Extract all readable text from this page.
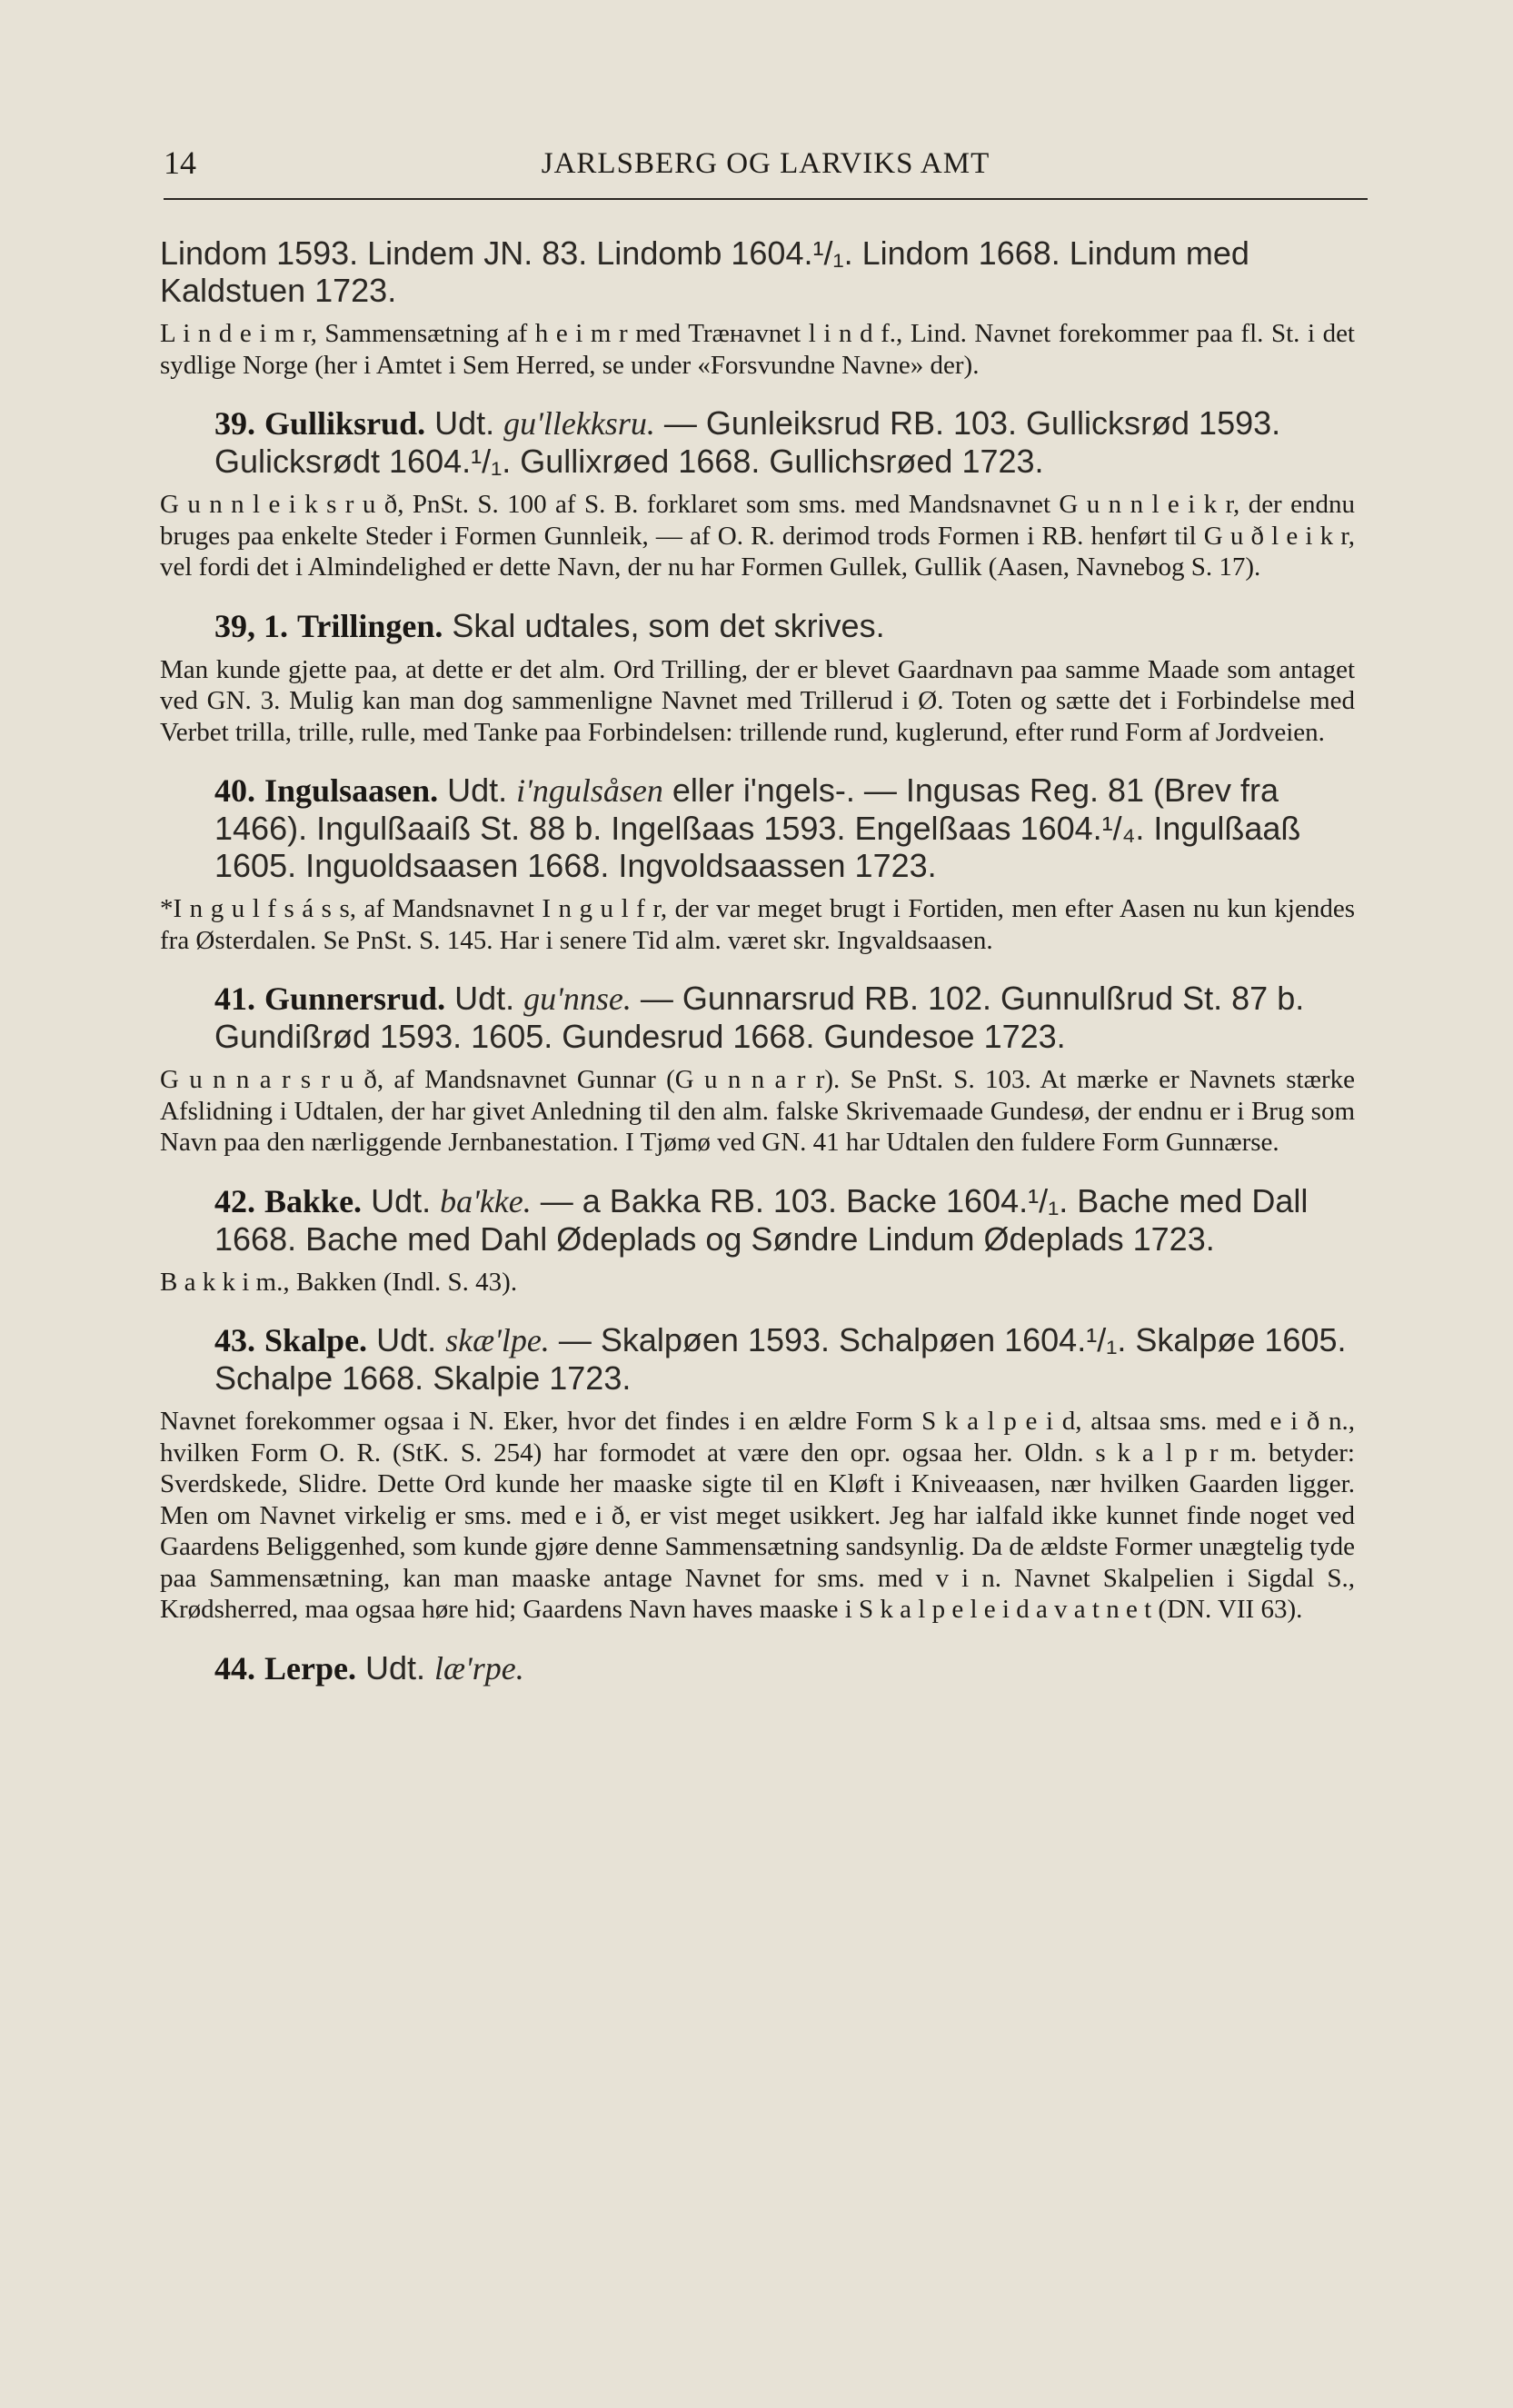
14	JARLSBERG OG LARVIKS AMT

Lindom 1593. Lindem JN. 83. Lindomb 1604.¹/₁. Lindom 1668. Lindum med Kaldstuen 1723.

L i n d e i m r, Sammensætning af h e i m r med Træнavnet l i n d f., Lind. Navnet forekommer paa fl. St. i det sydlige Norge (her i Amtet i Sem Herred, se under «Forsvundne Navne» der).

39. Gulliksrud. Udt. gu'llekksru. — Gunleiksrud RB. 103. Gullicksrød 1593. Gulicksrødt 1604.¹/₁. Gullixrøed 1668. Gullichsrøed 1723.

G u n n l e i k s r u ð, PnSt. S. 100 af S. B. forklaret som sms. med Mandsnavnet G u n n l e i k r, der endnu bruges paa enkelte Steder i Formen Gunnleik, — af O. R. derimod trods Formen i RB. henført til G u ð l e i k r, vel fordi det i Almindelighed er dette Navn, der nu har Formen Gullek, Gullik (Aasen, Navnebog S. 17).

39, 1. Trillingen. Skal udtales, som det skrives.

Man kunde gjette paa, at dette er det alm. Ord Trilling, der er blevet Gaardnavn paa samme Maade som antaget ved GN. 3. Mulig kan man dog sammenligne Navnet med Trillerud i Ø. Toten og sætte det i Forbindelse med Verbet trilla, trille, rulle, med Tanke paa Forbindelsen: trillende rund, kuglerund, efter rund Form af Jordveien.

40. Ingulsaasen. Udt. i'ngulsåsen eller i'ngels-. — Ingusas Reg. 81 (Brev fra 1466). Ingulßaaiß St. 88 b. Ingelßaas 1593. Engelßaas 1604.¹/₄. Ingulßaaß 1605. Inguoldsaasen 1668. Ingvoldsaassen 1723.

*I n g u l f s á s s, af Mandsnavnet I n g u l f r, der var meget brugt i Fortiden, men efter Aasen nu kun kjendes fra Østerdalen. Se PnSt. S. 145. Har i senere Tid alm. været skr. Ingvaldsaasen.

41. Gunnersrud. Udt. gu'nnse. — Gunnarsrud RB. 102. Gunnulßrud St. 87 b. Gundißrød 1593. 1605. Gundesrud 1668. Gundesoe 1723.

G u n n a r s r u ð, af Mandsnavnet Gunnar (G u n n a r r). Se PnSt. S. 103. At mærke er Navnets stærke Afslidning i Udtalen, der har givet Anledning til den alm. falske Skrivemaade Gundesø, der endnu er i Brug som Navn paa den nærliggende Jernbanestation. I Tjømø ved GN. 41 har Udtalen den fuldere Form Gunnærse.

42. Bakke. Udt. ba'kke. — a Bakka RB. 103. Backe 1604.¹/₁. Bache med Dall 1668. Bache med Dahl Ødeplads og Søndre Lindum Ødeplads 1723.

B a k k i m., Bakken (Indl. S. 43).

43. Skalpe. Udt. skæ'lpe. — Skalpøen 1593. Schalpøen 1604.¹/₁. Skalpøe 1605. Schalpe 1668. Skalpie 1723.

Navnet forekommer ogsaa i N. Eker, hvor det findes i en ældre Form S k a l p e i d, altsaa sms. med e i ð n., hvilken Form O. R. (StK. S. 254) har formodet at være den opr. ogsaa her. Oldn. s k a l p r m. betyder: Sverdskede, Slidre. Dette Ord kunde her maaske sigte til en Kløft i Kniveaasen, nær hvilken Gaarden ligger. Men om Navnet virkelig er sms. med e i ð, er vist meget usikkert. Jeg har ialfald ikke kunnet finde noget ved Gaardens Beliggenhed, som kunde gjøre denne Sammensætning sandsynlig. Da de ældste Former unægtelig tyde paa Sammensætning, kan man maaske antage Navnet for sms. med v i n. Navnet Skalpelien i Sigdal S., Krødsherred, maa ogsaa høre hid; Gaardens Navn haves maaske i S k a l p e l e i d a v a t n e t (DN. VII 63).

44. Lerpe. Udt. læ'rpe.
